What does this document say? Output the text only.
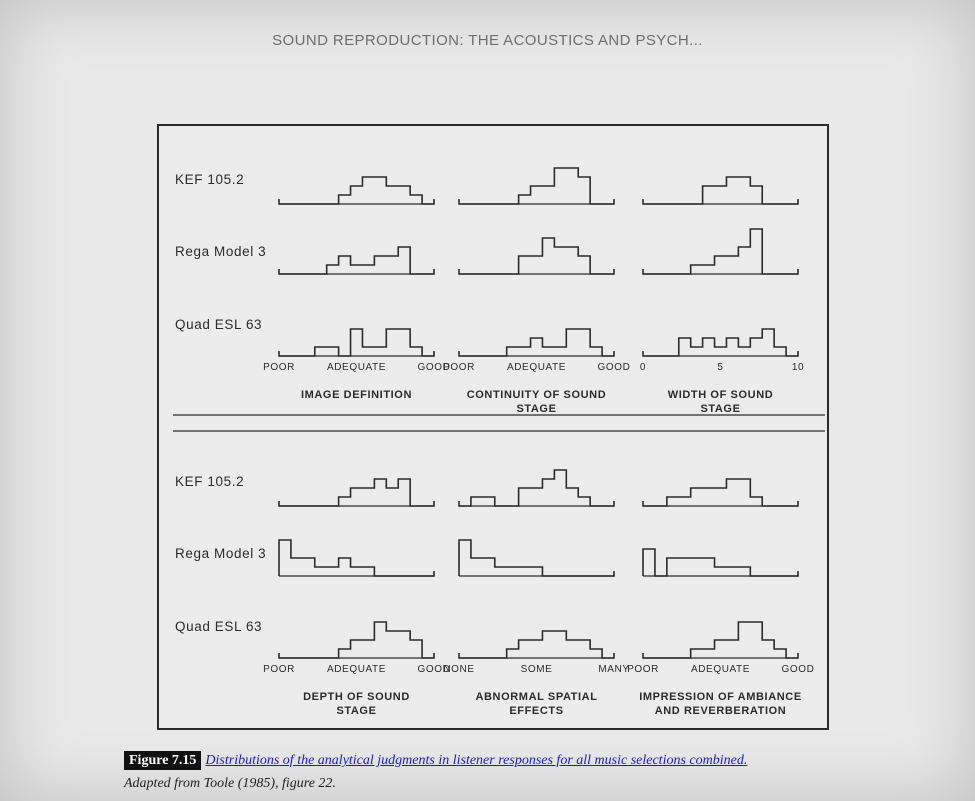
SOUND REPRODUCTION: THE ACOUSTICS AND PSYCH...
KEF 105.2
Rega Model 3
Quad ESL 63
POOR	ADEQUATE	GOOD
IMAGE DEFINITION
POOR	ADEQUATE	GOOD
CONTINUITY OF SOUND
STAGE
0	5	10
WIDTH OF SOUND
STAGE
KEF 105.2
Rega Model 3
Quad ESL 63
POOR	ADEQUATE	GOOD
DEPTH OF SOUND
STAGE
NONE	SOME	MANY
ABNORMAL SPATIAL
EFFECTS
POOR	ADEQUATE	GOOD
IMPRESSION OF AMBIANCE
AND REVERBERATION
Figure 7.15 Distributions of the analytical judgments in listener responses for all music selections combined.
Adapted from Toole (1985), figure 22.
